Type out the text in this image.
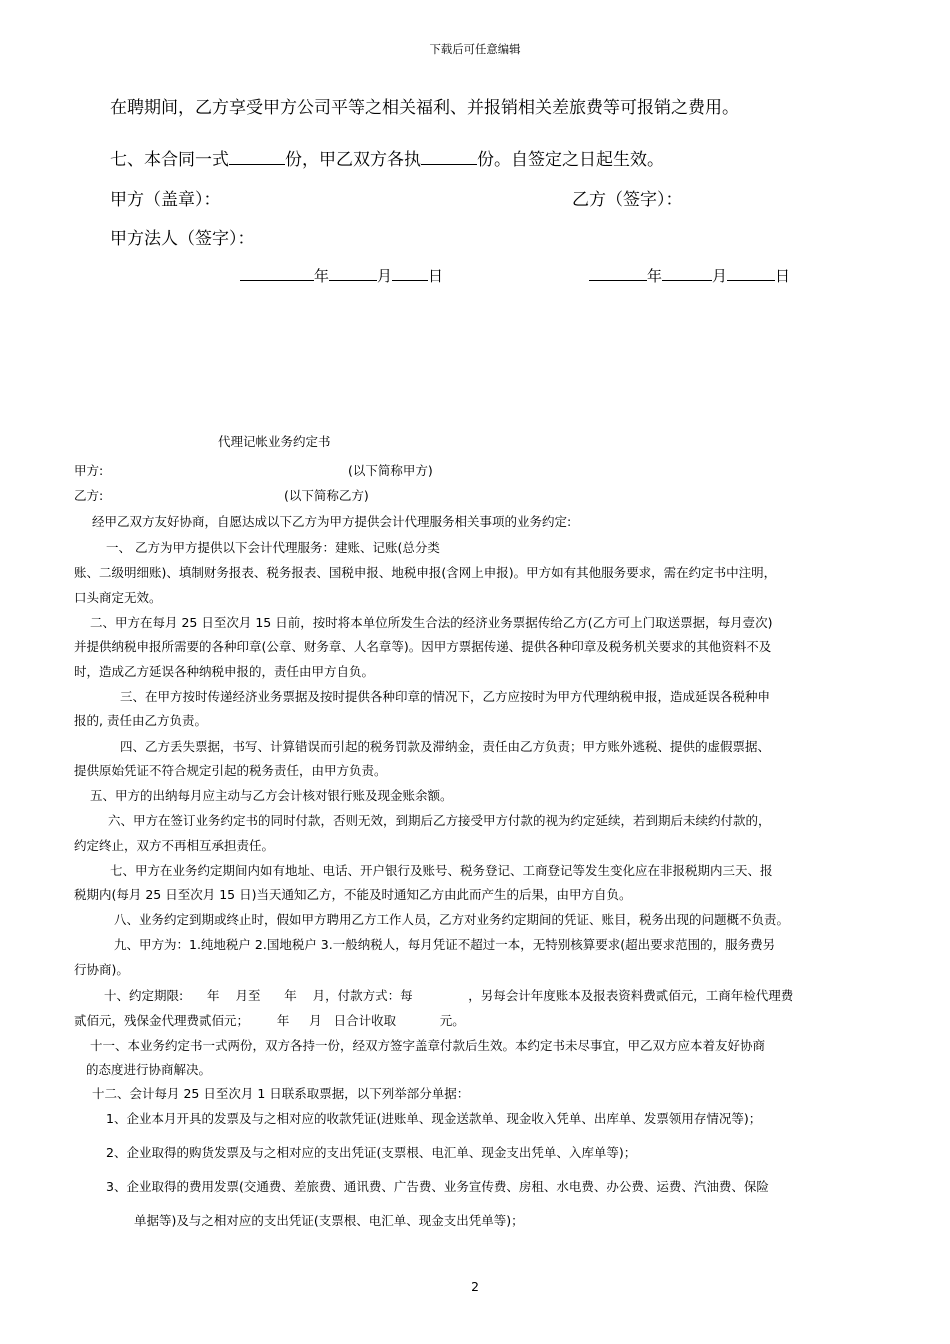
下载后可任意编辑
在聘期间，乙方享受甲方公司平等之相关福利、并报销相关差旅费等可报销之费用。
七、本合同一式	份，甲乙双方各执	份。自签定之日起生效。
甲方（盖章）：	乙方（签字）：
甲方法人（签字）：
年	月 日	年	月	日
代理记帐业务约定书
甲方:	(以下简称甲方)
乙方:	(以下简称乙方)
经甲乙双方友好协商，自愿达成以下乙方为甲方提供会计代理服务相关事项的业务约定:
一、 乙方为甲方提供以下会计代理服务：建账、记账(总分类
账、二级明细账)、填制财务报表、税务报表、国税申报、地税申报(含网上申报)。甲方如有其他服务要求，需在约定书中注明，
口头商定无效。
二、甲方在每月 25 日至次月 15 日前，按时将本单位所发生合法的经济业务票据传给乙方(乙方可上门取送票据，每月壹次)
并提供纳税申报所需要的各种印章(公章、财务章、人名章等)。因甲方票据传递、提供各种印章及税务机关要求的其他资料不及
时，造成乙方延误各种纳税申报的，责任由甲方自负。
三、在甲方按时传递经济业务票据及按时提供各种印章的情况下，乙方应按时为甲方代理纳税申报，造成延误各税种申
报的, 责任由乙方负责。
四、乙方丢失票据，书写、计算错误而引起的税务罚款及滞纳金，责任由乙方负责；甲方账外逃税、提供的虚假票据、
提供原始凭证不符合规定引起的税务责任，由甲方负责。
五、甲方的出纳每月应主动与乙方会计核对银行账及现金账余额。
六、甲方在签订业务约定书的同时付款，否则无效，到期后乙方接受甲方付款的视为约定延续，若到期后未续约付款的，
约定终止，双方不再相互承担责任。
七、甲方在业务约定期间内如有地址、电话、开户银行及账号、税务登记、工商登记等发生变化应在非报税期内三天、报
税期内(每月 25 日至次月 15 日)当天通知乙方，不能及时通知乙方由此而产生的后果，由甲方自负。
八、业务约定到期或终止时，假如甲方聘用乙方工作人员，乙方对业务约定期间的凭证、账目，税务出现的问题概不负责。
九、甲方为：1.纯地税户 2.国地税户 3.一般纳税人，每月凭证不超过一本，无特别核算要求(超出要求范围的，服务费另
行协商)。
十、约定期限:      年    月至      年    月，付款方式：每              ，另每会计年度账本及报表资料费贰佰元，工商年检代理费
贰佰元，残保金代理费贰佰元；       年     月   日合计收取           元。
十一、本业务约定书一式两份，双方各持一份，经双方签字盖章付款后生效。本约定书未尽事宜，甲乙双方应本着友好协商
的态度进行协商解决。
十二、会计每月 25 日至次月 1 日联系取票据，以下列举部分单据：
1、企业本月开具的发票及与之相对应的收款凭证(进账单、现金送款单、现金收入凭单、出库单、发票领用存情况等)；
2、企业取得的购货发票及与之相对应的支出凭证(支票根、电汇单、现金支出凭单、入库单等)；
3、企业取得的费用发票(交通费、差旅费、通讯费、广告费、业务宣传费、房租、水电费、办公费、运费、汽油费、保险
单据等)及与之相对应的支出凭证(支票根、电汇单、现金支出凭单等)；
2
